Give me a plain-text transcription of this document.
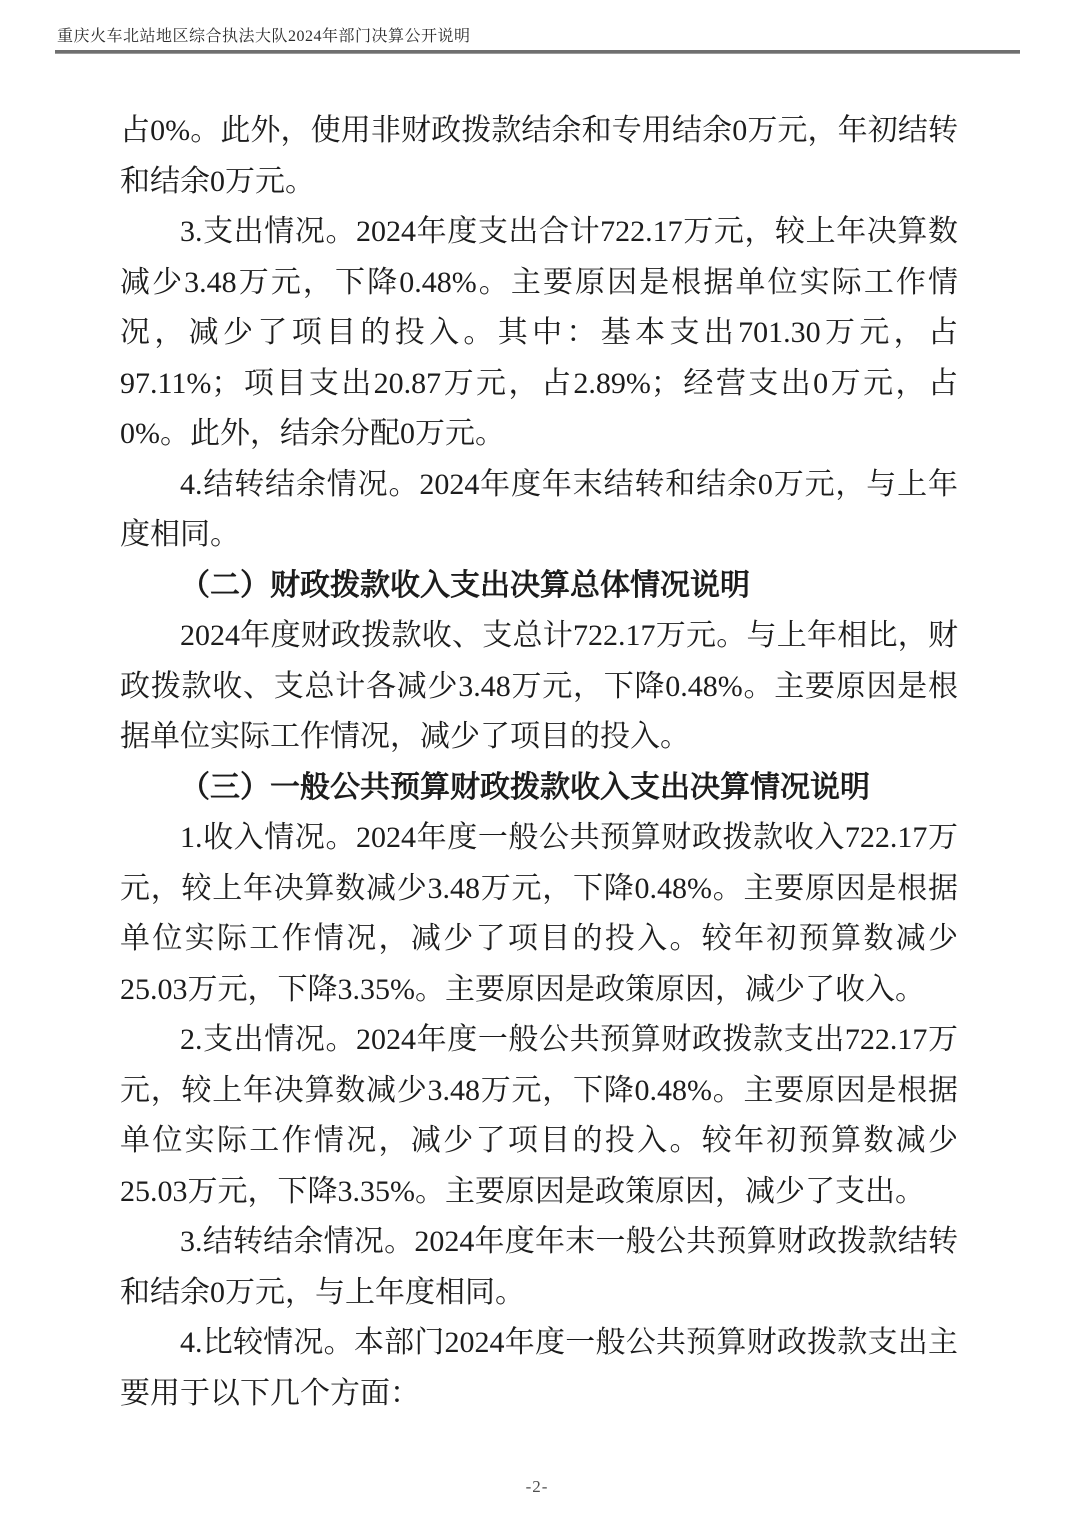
重庆火车北站地区综合执法大队2024年部门决算公开说明

占0%。此外，使用非财政拨款结余和专用结余0万元，年初结转和结余0万元。

3.支出情况。2024年度支出合计722.17万元，较上年决算数减少3.48万元，下降0.48%。主要原因是根据单位实际工作情况，减少了项目的投入。其中：基本支出701.30万元，占97.11%；项目支出20.87万元，占2.89%；经营支出0万元，占0%。此外，结余分配0万元。

4.结转结余情况。2024年度年末结转和结余0万元，与上年度相同。

（二）财政拨款收入支出决算总体情况说明

2024年度财政拨款收、支总计722.17万元。与上年相比，财政拨款收、支总计各减少3.48万元，下降0.48%。主要原因是根据单位实际工作情况，减少了项目的投入。

（三）一般公共预算财政拨款收入支出决算情况说明

1.收入情况。2024年度一般公共预算财政拨款收入722.17万元，较上年决算数减少3.48万元，下降0.48%。主要原因是根据单位实际工作情况，减少了项目的投入。较年初预算数减少25.03万元，下降3.35%。主要原因是政策原因，减少了收入。

2.支出情况。2024年度一般公共预算财政拨款支出722.17万元，较上年决算数减少3.48万元，下降0.48%。主要原因是根据单位实际工作情况，减少了项目的投入。较年初预算数减少25.03万元，下降3.35%。主要原因是政策原因，减少了支出。

3.结转结余情况。2024年度年末一般公共预算财政拨款结转和结余0万元，与上年度相同。

4.比较情况。本部门2024年度一般公共预算财政拨款支出主要用于以下几个方面：

-2-
